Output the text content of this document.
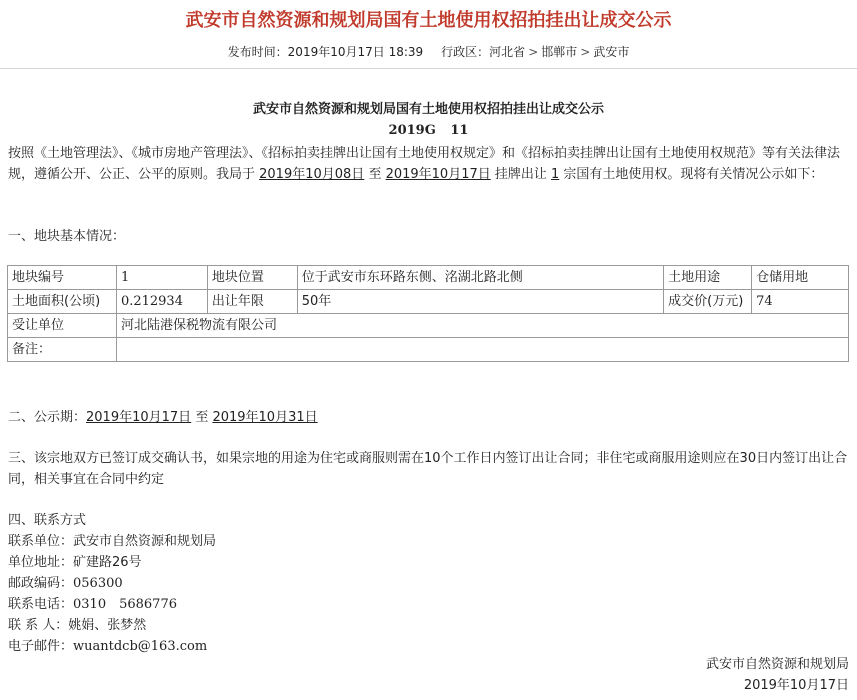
武安市自然资源和规划局国有土地使用权招拍挂出让成交公示
发布时间：2019年10月17日 18:39 行政区：河北省 > 邯郸市 > 武安市
武安市自然资源和规划局国有土地使用权招拍挂出让成交公示
2019G 11

按照《土地管理法》、《城市房地产管理法》、《招标拍卖挂牌出让国有土地使用权规定》和《招标拍卖挂牌出让国有土地使用权规范》等有关法律法规，遵循公开、公正、公平的原则。我局于 2019年10月08日 至 2019年10月17日 挂牌出让 1 宗国有土地使用权。现将有关情况公示如下：

一、地块基本情况：

地块编号	1	地块位置	位于武安市东环路东侧、洺湖北路北侧	土地用途	仓储用地
土地面积(公顷)	0.212934	出让年限	50年	成交价(万元)	74
受让单位	河北陆港保税物流有限公司				
备注：					

二、公示期：2019年10月17日 至 2019年10月31日

三、该宗地双方已签订成交确认书，如果宗地的用途为住宅或商服则需在10个工作日内签订出让合同；非住宅或商服用途则应在30日内签订出让合同，相关事宜在合同中约定

四、联系方式

联系单位：武安市自然资源和规划局
单位地址：矿建路26号
邮政编码：056300
联系电话：0310　5686776
联 系 人：姚娟、张梦然
电子邮件：wuantdcb@163.com
武安市自然资源和规划局
2019年10月17日
